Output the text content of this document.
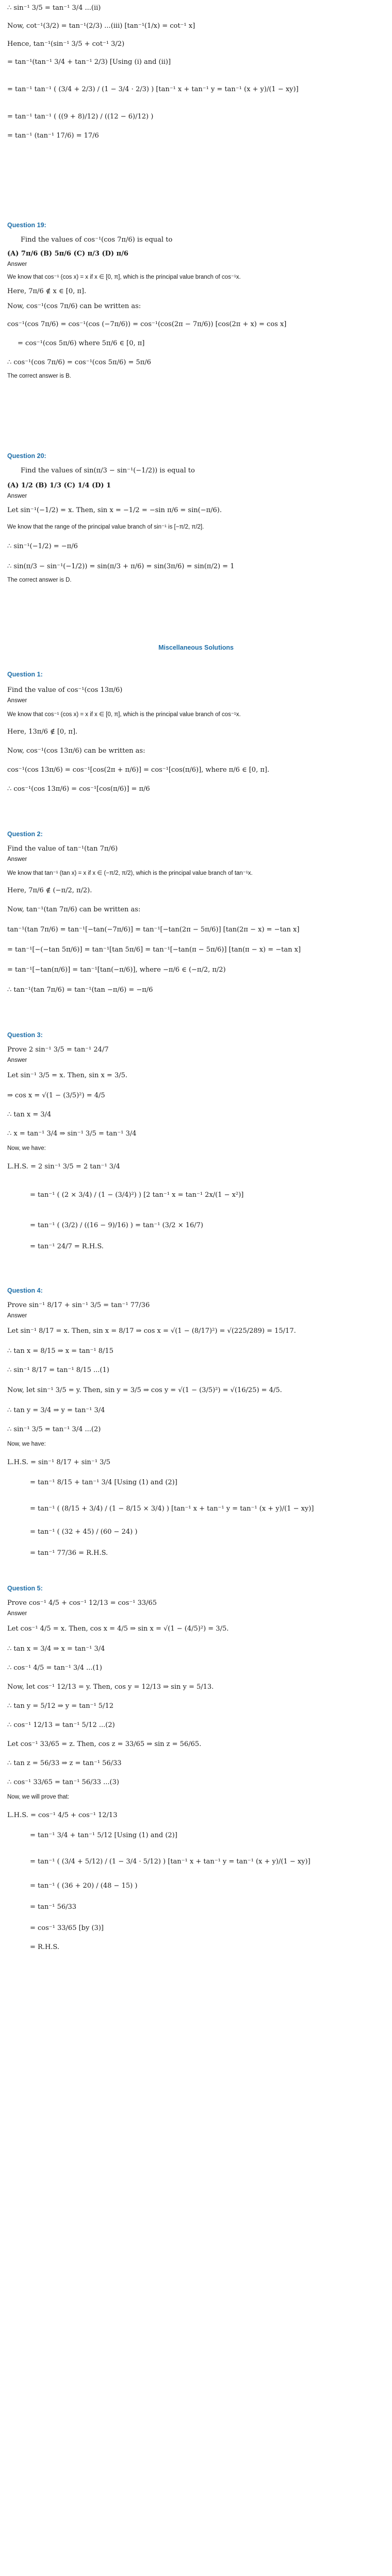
∴ sin⁻¹ 3/5 = tan⁻¹ 3/4 ...(ii)

Now, cot⁻¹(3/2) = tan⁻¹(2/3) ...(iii) [tan⁻¹(1/x) = cot⁻¹ x]

Hence, tan⁻¹(sin⁻¹ 3/5 + cot⁻¹ 3/2)

= tan⁻¹(tan⁻¹ 3/4 + tan⁻¹ 2/3) [Using (i) and (ii)]

= tan⁻¹ tan⁻¹ ( (3/4 + 2/3) / (1 − 3/4 · 2/3) ) [tan⁻¹ x + tan⁻¹ y = tan⁻¹ (x + y)/(1 − xy)]

= tan⁻¹ tan⁻¹ ( ((9 + 8)/12) / ((12 − 6)/12) )

= tan⁻¹ (tan⁻¹ 17/6) = 17/6

Question 19:

Find the values of cos⁻¹(cos 7π/6) is equal to

(A) 7π/6 (B) 5π/6 (C) π/3 (D) π/6

Answer

We know that cos⁻¹ (cos x) = x if x ∈ [0, π], which is the principal value branch of cos⁻¹x.

Here, 7π/6 ∉ x ∈ [0, π].

Now, cos⁻¹(cos 7π/6) can be written as:

cos⁻¹(cos 7π/6) = cos⁻¹(cos (−7π/6)) = cos⁻¹(cos(2π − 7π/6)) [cos(2π + x) = cos x]

= cos⁻¹(cos 5π/6) where 5π/6 ∈ [0, π]

∴ cos⁻¹(cos 7π/6) = cos⁻¹(cos 5π/6) = 5π/6

The correct answer is B.

Question 20:

Find the values of sin(π/3 − sin⁻¹(−1/2)) is equal to

(A) 1/2 (B) 1/3 (C) 1/4 (D) 1

Answer

Let sin⁻¹(−1/2) = x. Then, sin x = −1/2 = −sin π/6 = sin(−π/6).

We know that the range of the principal value branch of sin⁻¹ is [−π/2, π/2].

∴ sin⁻¹(−1/2) = −π/6

∴ sin(π/3 − sin⁻¹(−1/2)) = sin(π/3 + π/6) = sin(3π/6) = sin(π/2) = 1

The correct answer is D.

Miscellaneous Solutions
Question 1:

Find the value of cos⁻¹(cos 13π/6)

Answer

We know that cos⁻¹ (cos x) = x if x ∈ [0, π], which is the principal value branch of cos⁻¹x.

Here, 13π/6 ∉ [0, π].

Now, cos⁻¹(cos 13π/6) can be written as:

cos⁻¹(cos 13π/6) = cos⁻¹[cos(2π + π/6)] = cos⁻¹[cos(π/6)], where π/6 ∈ [0, π].

∴ cos⁻¹(cos 13π/6) = cos⁻¹[cos(π/6)] = π/6

Question 2:

Find the value of tan⁻¹(tan 7π/6)

Answer

We know that tan⁻¹ (tan x) = x if x ∈ (−π/2, π/2), which is the principal value branch of tan⁻¹x.

Here, 7π/6 ∉ (−π/2, π/2).

Now, tan⁻¹(tan 7π/6) can be written as:

tan⁻¹(tan 7π/6) = tan⁻¹[−tan(−7π/6)] = tan⁻¹[−tan(2π − 5π/6)] [tan(2π − x) = −tan x]

= tan⁻¹[−(−tan 5π/6)] = tan⁻¹[tan 5π/6] = tan⁻¹[−tan(π − 5π/6)] [tan(π − x) = −tan x]

= tan⁻¹[−tan(π/6)] = tan⁻¹[tan(−π/6)], where −π/6 ∈ (−π/2, π/2)

∴ tan⁻¹(tan 7π/6) = tan⁻¹(tan −π/6) = −π/6

Question 3:

Prove 2 sin⁻¹ 3/5 = tan⁻¹ 24/7

Answer

Let sin⁻¹ 3/5 = x. Then, sin x = 3/5.

⇒ cos x = √(1 − (3/5)²) = 4/5

∴ tan x = 3/4

∴ x = tan⁻¹ 3/4 ⇒ sin⁻¹ 3/5 = tan⁻¹ 3/4

Now, we have:

L.H.S. = 2 sin⁻¹ 3/5 = 2 tan⁻¹ 3/4

= tan⁻¹ ( (2 × 3/4) / (1 − (3/4)²) ) [2 tan⁻¹ x = tan⁻¹ 2x/(1 − x²)]

= tan⁻¹ ( (3/2) / ((16 − 9)/16) ) = tan⁻¹ (3/2 × 16/7)

= tan⁻¹ 24/7 = R.H.S.

Question 4:

Prove sin⁻¹ 8/17 + sin⁻¹ 3/5 = tan⁻¹ 77/36

Answer

Let sin⁻¹ 8/17 = x. Then, sin x = 8/17 ⇒ cos x = √(1 − (8/17)²) = √(225/289) = 15/17.

∴ tan x = 8/15 ⇒ x = tan⁻¹ 8/15

∴ sin⁻¹ 8/17 = tan⁻¹ 8/15 ...(1)

Now, let sin⁻¹ 3/5 = y. Then, sin y = 3/5 ⇒ cos y = √(1 − (3/5)²) = √(16/25) = 4/5.

∴ tan y = 3/4 ⇒ y = tan⁻¹ 3/4

∴ sin⁻¹ 3/5 = tan⁻¹ 3/4 ...(2)

Now, we have:

L.H.S. = sin⁻¹ 8/17 + sin⁻¹ 3/5

= tan⁻¹ 8/15 + tan⁻¹ 3/4 [Using (1) and (2)]

= tan⁻¹ ( (8/15 + 3/4) / (1 − 8/15 × 3/4) ) [tan⁻¹ x + tan⁻¹ y = tan⁻¹ (x + y)/(1 − xy)]

= tan⁻¹ ( (32 + 45) / (60 − 24) )

= tan⁻¹ 77/36 = R.H.S.

Question 5:

Prove cos⁻¹ 4/5 + cos⁻¹ 12/13 = cos⁻¹ 33/65

Answer

Let cos⁻¹ 4/5 = x. Then, cos x = 4/5 ⇒ sin x = √(1 − (4/5)²) = 3/5.

∴ tan x = 3/4 ⇒ x = tan⁻¹ 3/4

∴ cos⁻¹ 4/5 = tan⁻¹ 3/4 ...(1)

Now, let cos⁻¹ 12/13 = y. Then, cos y = 12/13 ⇒ sin y = 5/13.

∴ tan y = 5/12 ⇒ y = tan⁻¹ 5/12

∴ cos⁻¹ 12/13 = tan⁻¹ 5/12 ...(2)

Let cos⁻¹ 33/65 = z. Then, cos z = 33/65 ⇒ sin z = 56/65.

∴ tan z = 56/33 ⇒ z = tan⁻¹ 56/33

∴ cos⁻¹ 33/65 = tan⁻¹ 56/33 ...(3)

Now, we will prove that:

L.H.S. = cos⁻¹ 4/5 + cos⁻¹ 12/13

= tan⁻¹ 3/4 + tan⁻¹ 5/12 [Using (1) and (2)]

= tan⁻¹ ( (3/4 + 5/12) / (1 − 3/4 · 5/12) ) [tan⁻¹ x + tan⁻¹ y = tan⁻¹ (x + y)/(1 − xy)]

= tan⁻¹ ( (36 + 20) / (48 − 15) )

= tan⁻¹ 56/33

= cos⁻¹ 33/65 [by (3)]

= R.H.S.
